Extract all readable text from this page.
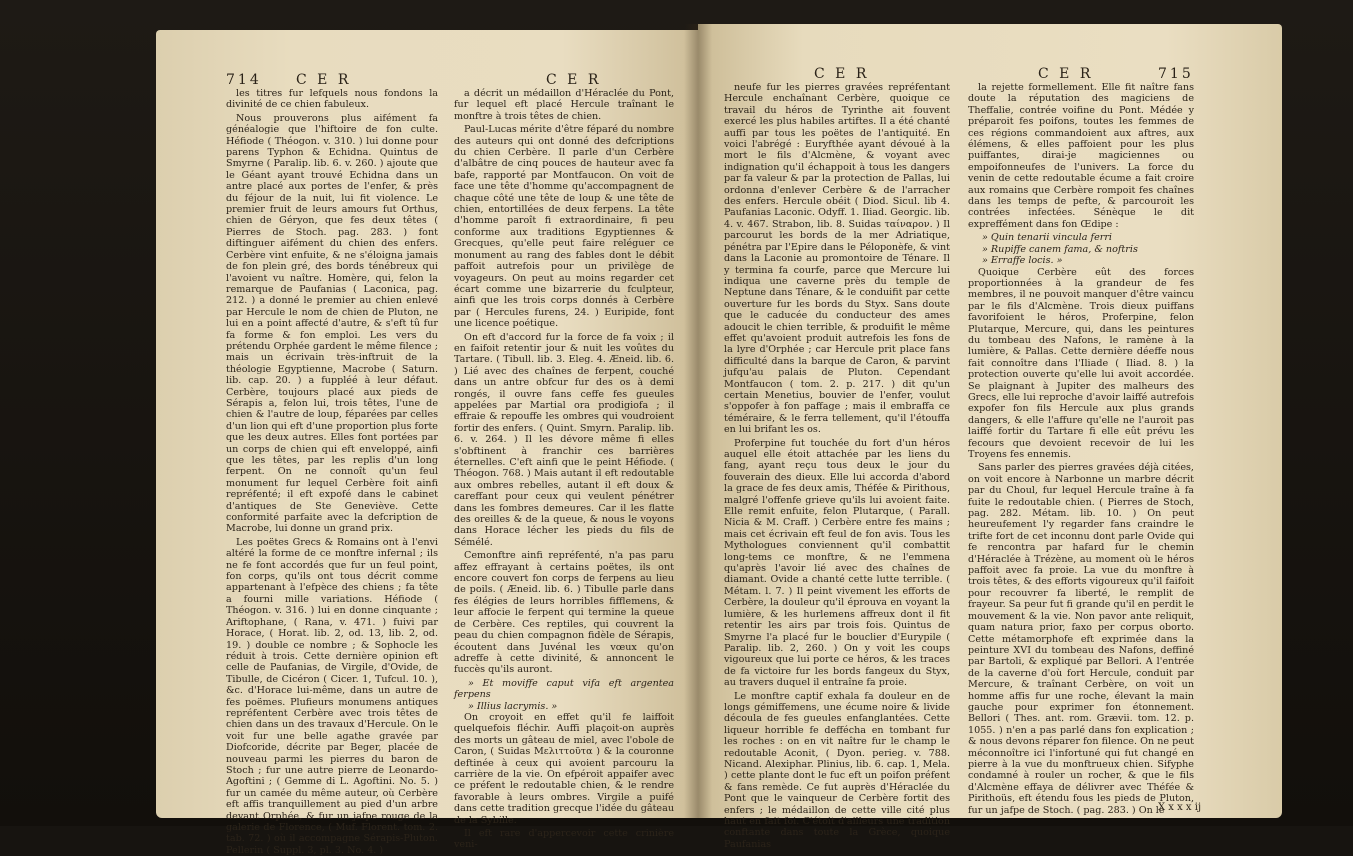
714 C E R	C E R

les titres fur lefquels nous fondons la divinité de ce chien fabuleux.

Nous prouverons plus aifément fa généalogie que l'hiftoire de fon culte. Héfiode ( Théogon. v. 310. ) lui donne pour parens Typhon & Echidna. Quintus de Smyrne ( Paralip. lib. 6. v. 260. ) ajoute que le Géant ayant trouvé Echidna dans un antre placé aux portes de l'enfer, & près du féjour de la nuit, lui fit violence. Le premier fruit de leurs amours fut Orthus, chien de Géryon, que fes deux têtes ( Pierres de Stoch. pag. 283. ) font diftinguer aifément du chien des enfers. Cerbère vint enfuite, & ne s'éloigna jamais de fon plein gré, des bords ténébreux qui l'avoient vu naître. Homère, qui, felon la remarque de Paufanias ( Laconica, pag. 212. ) a donné le premier au chien enlevé par Hercule le nom de chien de Pluton, ne lui en a point affecté d'autre, & s'eft tû fur fa forme & fon emploi. Les vers du prétendu Orphée gardent le même filence ; mais un écrivain très-inftruit de la théologie Egyptienne, Macrobe ( Saturn. lib. cap. 20. ) a fuppléé à leur défaut. Cerbère, toujours placé aux pieds de Sérapis a, felon lui, trois têtes, l'une de chien & l'autre de loup, féparées par celles d'un lion qui eft d'une proportion plus forte que les deux autres. Elles font portées par un corps de chien qui eft enveloppé, ainfi que les têtes, par les replis d'un long ferpent. On ne connoît qu'un feul monument fur lequel Cerbère foit ainfi repréfenté; il eft expofé dans le cabinet d'antiques de Ste Geneviève. Cette conformité parfaite avec la defcription de Macrobe, lui donne un grand prix.

Les poëtes Grecs & Romains ont à l'envi altéré la forme de ce monftre infernal ; ils ne fe font accordés que fur un feul point, fon corps, qu'ils ont tous décrit comme appartenant à l'efpèce des chiens ; fa tête a fourni mille variations. Héfiode ( Théogon. v. 316. ) lui en donne cinquante ; Ariftophane, ( Rana, v. 471. ) fuivi par Horace, ( Horat. lib. 2, od. 13, lib. 2, od. 19. ) double ce nombre ; & Sophocle les réduit à trois. Cette dernière opinion eft celle de Paufanias, de Virgile, d'Ovide, de Tibulle, de Cicéron ( Cicer. 1, Tufcul. 10. ), &c. d'Horace lui-même, dans un autre de fes poëmes. Plufieurs monumens antiques repréfentent Cerbère avec trois têtes de chien dans un des travaux d'Hercule. On le voit fur une belle agathe gravée par Diofcoride, décrite par Beger, placée de nouveau parmi les pierres du baron de Stoch ; fur une autre pierre de Leonardo-Agoftini ; ( Gemme di L. Agoftini. No. 5. ) fur un camée du même auteur, où Cerbère eft affis tranquillement au pied d'un arbre devant Orphée, & fur un jafpe rouge de la galerie de Florence, ( Muf. Florent. tom. 2. tab. 72. ) où il accompagne Sérapis-Pluton. Pellerin ( Suppl. 3, pl. 3. No. 4. )

a décrit un médaillon d'Héraclée du Pont, fur lequel eft placé Hercule traînant le monftre à trois têtes de chien.

Paul-Lucas mérite d'être féparé du nombre des auteurs qui ont donné des defcriptions du chien Cerbère. Il parle d'un Cerbère d'albâtre de cinq pouces de hauteur avec fa bafe, rapporté par Montfaucon. On voit de face une tête d'homme qu'accompagnent de chaque côté une tête de loup & une tête de chien, entortillées de deux ferpens. La tête d'homme paroît fi extraordinaire, fi peu conforme aux traditions Egyptiennes & Grecques, qu'elle peut faire reléguer ce monument au rang des fables dont le débit paffoit autrefois pour un privilège de voyageurs. On peut au moins regarder cet écart comme une bizarrerie du fculpteur, ainfi que les trois corps donnés à Cerbère par ( Hercules furens, 24. ) Euripide, font une licence poétique.

On eft d'accord fur la force de fa voix ; il en faifoit retentir jour & nuit les voûtes du Tartare. ( Tibull. lib. 3. Eleg. 4. Æneid. lib. 6. ) Lié avec des chaînes de ferpent, couché dans un antre obfcur fur des os à demi rongés, il ouvre fans ceffe fes gueules appelées par Martial ora prodigiofa ; il effraie & repouffe les ombres qui voudroient fortir des enfers. ( Quint. Smyrn. Paralip. lib. 6. v. 264. ) Il les dévore même fi elles s'obftinent à franchir ces barrières éternelles. C'eft ainfi que le peint Héfiode. ( Théogon. 768. ) Mais autant il eft redoutable aux ombres rebelles, autant il eft doux & careffant pour ceux qui veulent pénétrer dans les fombres demeures. Car il les flatte des oreilles & de la queue, & nous le voyons dans Horace lécher les pieds du fils de Sémélé.

Cemonftre ainfi repréfenté, n'a pas paru affez effrayant à certains poëtes, ils ont encore couvert fon corps de ferpens au lieu de poils. ( Æneid. lib. 6. ) Tibulle parle dans fes élégies de leurs horribles fifflemens, & leur affocie le ferpent qui termine la queue de Cerbère. Ces reptiles, qui couvrent la peau du chien compagnon fidèle de Sérapis, écoutent dans Juvénal les vœux qu'on adreffe à cette divinité, & annoncent le fuccès qu'ils auront.

» Et moviffe caput vifa eft argentea ferpens

» Illius lacrymis. »

On croyoit en effet qu'il fe laiffoit quelquefois fléchir. Auffi plaçoit-on auprès des morts un gâteau de miel, avec l'obole de Caron, ( Suidas Μελιττοῦτα ) & la couronne deftinée à ceux qui avoient parcouru la carrière de la vie. On efpéroit appaifer avec ce préfent le redoutable chien, & le rendre favorable à leurs ombres. Virgile a puifé dans cette tradition grecque l'idée du gâteau de la Sybille.

Il eft rare d'appercevoir cette crinière veni-

C E R	C E R	715

neufe fur les pierres gravées repréfentant Hercule enchaînant Cerbère, quoique ce travail du héros de Tyrinthe ait fouvent exercé les plus habiles artiftes. Il a été chanté auffi par tous les poëtes de l'antiquité. En voici l'abrégé : Euryfthée ayant dévoué à la mort le fils d'Alcmène, & voyant avec indignation qu'il échappoit à tous les dangers par fa valeur & par la protection de Pallas, lui ordonna d'enlever Cerbère & de l'arracher des enfers. Hercule obéit ( Diod. Sicul. lib 4. Paufanias Laconic. Odyff. 1. Iliad. Georgic. lib. 4. v. 467. Strabon, lib. 8. Suidas ταίναρον. ) Il parcourut les bords de la mer Adriatique, pénétra par l'Epire dans le Péloponèfe, & vint dans la Laconie au promontoire de Ténare. Il y termina fa courfe, parce que Mercure lui indiqua une caverne près du temple de Neptune dans Ténare, & le conduifit par cette ouverture fur les bords du Styx. Sans doute que le caducée du conducteur des ames adoucit le chien terrible, & produifit le même effet qu'avoient produit autrefois les fons de la lyre d'Orphée ; car Hercule prit place fans difficulté dans la barque de Caron, & parvint jufqu'au palais de Pluton. Cependant Montfaucon ( tom. 2. p. 217. ) dit qu'un certain Menetius, bouvier de l'enfer, voulut s'oppofer à fon paffage ; mais il embraffa ce téméraire, & le ferra tellement, qu'il l'étouffa en lui brifant les os.

Proferpine fut touchée du fort d'un héros auquel elle étoit attachée par les liens du fang, ayant reçu tous deux le jour du fouverain des dieux. Elle lui accorda d'abord la grace de fes deux amis, Théfée & Pirithous, malgré l'offenfe grieve qu'ils lui avoient faite. Elle remit enfuite, felon Plutarque, ( Parall. Nicia & M. Craff. ) Cerbère entre fes mains ; mais cet écrivain eft feul de fon avis. Tous les Mythologues conviennent qu'il combattit long-tems ce monftre, & ne l'emmena qu'après l'avoir lié avec des chaînes de diamant. Ovide a chanté cette lutte terrible. ( Métam. l. 7. ) Il peint vivement les efforts de Cerbère, la douleur qu'il éprouva en voyant la lumière, & les hurlemens affreux dont il fit retentir les airs par trois fois. Quintus de Smyrne l'a placé fur le bouclier d'Eurypile ( Paralip. lib. 2, 260. ) On y voit les coups vigoureux que lui porte ce héros, & les traces de fa victoire fur les bords fangeux du Styx, au travers duquel il entraîne fa proie.

Le monftre captif exhala fa douleur en de longs gémiffemens, une écume noire & livide découla de fes gueules enfanglantées. Cette liqueur horrible fe deffécha en tombant fur les roches : on en vit naître fur le champ le redoutable Aconit, ( Dyon. perieg. v. 788. Nicand. Alexiphar. Plinius, lib. 6. cap. 1, Mela. ) cette plante dont le fuc eft un poifon préfent & fans remède. Ce fut auprès d'Héraclée du Pont que le vainqueur de Cerbère fortit des enfers ; le médaillon de cette ville cité plus haut en fait foi. C'étoit d'ailleurs une tradition conftante dans toute la Grèce, quoique Paufanias

la rejette formellement. Elle fit naître fans doute la réputation des magiciens de Theffalie, contrée voifine du Pont. Médée y préparoit fes poifons, toutes les femmes de ces régions commandoient aux aftres, aux élémens, & elles paffoient pour les plus puiffantes, dirai-je magiciennes ou empoifonneufes de l'univers. La force du venin de cette redoutable écume a fait croire aux romains que Cerbère rompoit fes chaînes dans les temps de pefte, & parcouroit les contrées infectées. Sénèque le dit expreffément dans fon Œdipe :

» Quin tenarii vincula ferri

» Rupiffe canem fama, & noftris

» Erraffe locis. »

Quoique Cerbère eût des forces proportionnées à la grandeur de fes membres, il ne pouvoit manquer d'être vaincu par le fils d'Alcmène. Trois dieux puiffans favorifoient le héros, Proferpine, felon Plutarque, Mercure, qui, dans les peintures du tombeau des Nafons, le ramène à la lumière, & Pallas. Cette dernière déeffe nous fait connoître dans l'Iliade ( Iliad. 8. ) la protection ouverte qu'elle lui avoit accordée. Se plaignant à Jupiter des malheurs des Grecs, elle lui reproche d'avoir laiffé autrefois expofer fon fils Hercule aux plus grands dangers, & elle l'affure qu'elle ne l'auroit pas laiffé fortir du Tartare fi elle eût prévu les fecours que devoient recevoir de lui les Troyens fes ennemis.

Sans parler des pierres gravées déjà citées, on voit encore à Narbonne un marbre décrit par du Choul, fur lequel Hercule traîne à fa fuite le redoutable chien. ( Pierres de Stoch, pag. 282. Métam. lib. 10. ) On peut heureufement l'y regarder fans craindre le trifte fort de cet inconnu dont parle Ovide qui fe rencontra par hafard fur le chemin d'Héraclée à Trézène, au moment où le héros paffoit avec fa proie. La vue du monftre à trois têtes, & des efforts vigoureux qu'il faifoit pour recouvrer fa liberté, le remplit de frayeur. Sa peur fut fi grande qu'il en perdit le mouvement & la vie. Non pavor ante reliquit, quam natura prior, faxo per corpus oborto. Cette métamorphofe eft exprimée dans la peinture XVI du tombeau des Nafons, deffiné par Bartoli, & expliqué par Bellori. A l'entrée de la caverne d'où fort Hercule, conduit par Mercure, & traînant Cerbère, on voit un homme affis fur une roche, élevant la main gauche pour exprimer fon étonnement. Bellori ( Thes. ant. rom. Grævii. tom. 12. p. 1055. ) n'en a pas parlé dans fon explication ; & nous devons réparer fon filence. On ne peut méconnoître ici l'infortuné qui fut changé en pierre à la vue du monftrueux chien. Sifyphe condamné à rouler un rocher, & que le fils d'Alcmène effaya de délivrer avec Théfée & Pirithoüs, eft étendu fous les pieds de Pluton, fur un jafpe de Stoch. ( pag. 283. ) On le

X x x x ij
